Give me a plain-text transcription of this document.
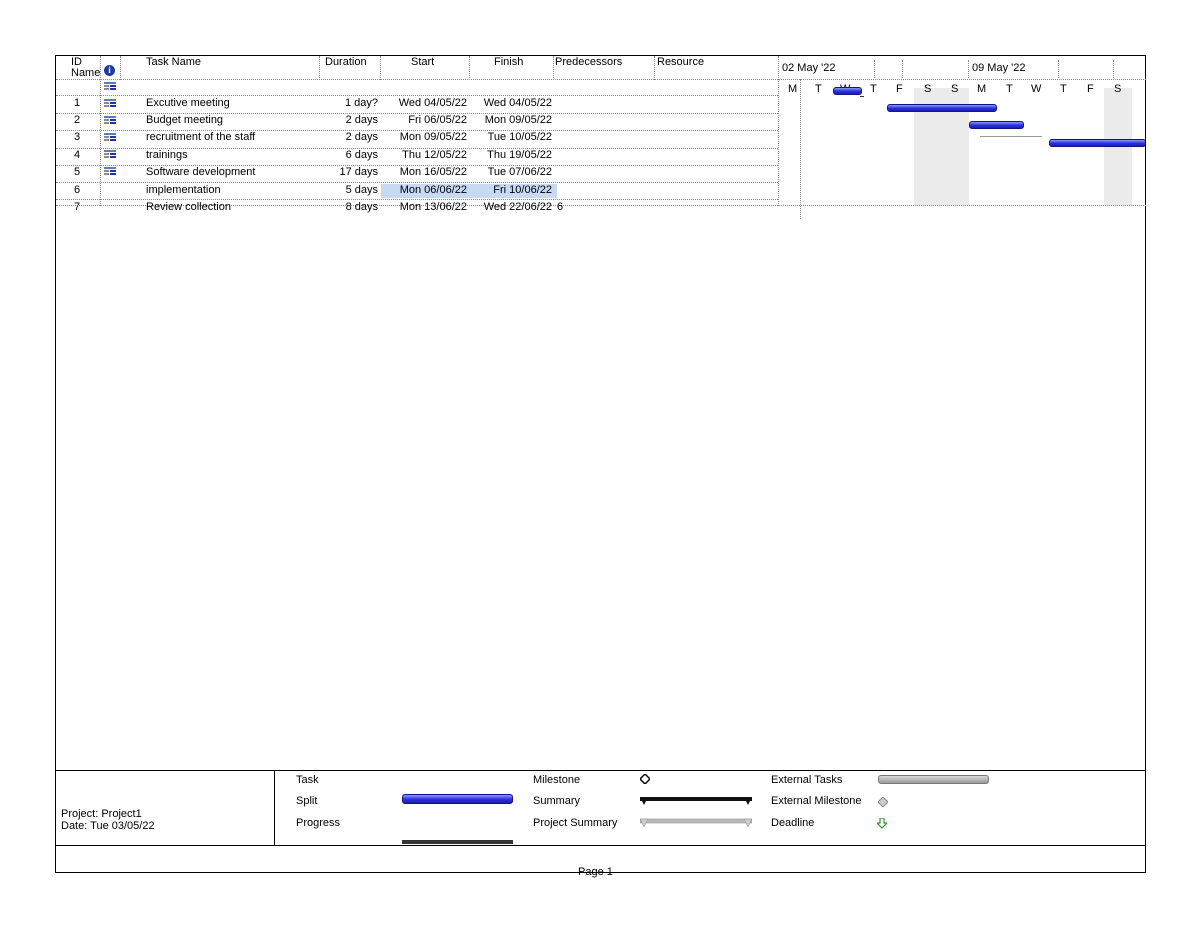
ID
Name i
Task Name	Duration	Start	Finish	Predecessors	Resource
1	Excutive meeting	1 day?	Wed 04/05/22	Wed 04/05/22
2	Budget meeting	2 days	Fri 06/05/22	Mon 09/05/22
3	recruitment of the staff	2 days	Mon 09/05/22	Tue 10/05/22
4	trainings	6 days	Thu 12/05/22	Thu 19/05/22
5	Software development	17 days	Mon 16/05/22	Tue 07/06/22
6	implementation	5 days	Mon 06/06/22	Fri 10/06/22
7	Review collection	8 days	Mon 13/06/22	Wed 22/06/22 6
02 May '22	09 May '22
M T	T F S S M T W T F S
Project: Project1
Date: Tue 03/05/22
Task
Split
Progress
Milestone
Summary
Project Summary
External Tasks
External Milestone
Deadline
Page 1
